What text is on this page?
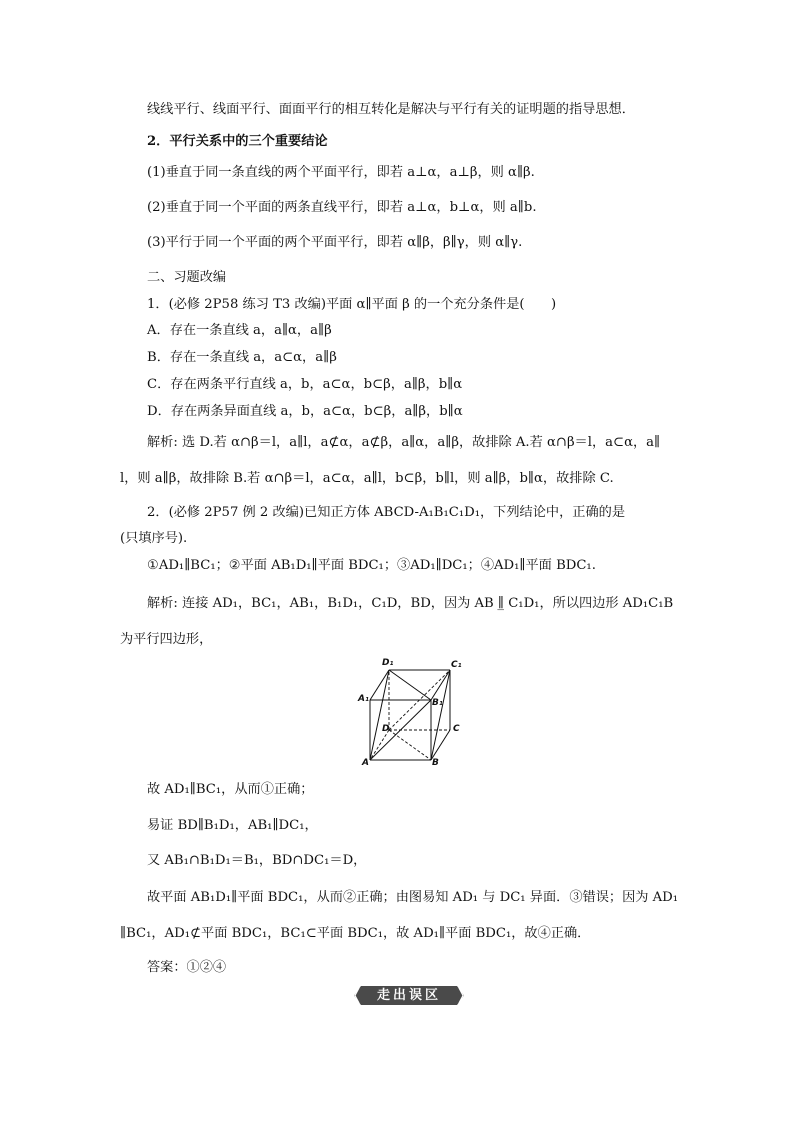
线线平行、线面平行、面面平行的相互转化是解决与平行有关的证明题的指导思想．
2．平行关系中的三个重要结论
(1)垂直于同一条直线的两个平面平行，即若 a⊥α，a⊥β，则 α∥β.
(2)垂直于同一个平面的两条直线平行，即若 a⊥α，b⊥α，则 a∥b.
(3)平行于同一个平面的两个平面平行，即若 α∥β，β∥γ，则 α∥γ.
二、习题改编
1．(必修 2P58 练习 T3 改编)平面 α∥平面 β 的一个充分条件是(　　)
A．存在一条直线 a，a∥α，a∥β
B．存在一条直线 a，a⊂α，a∥β
C．存在两条平行直线 a，b，a⊂α，b⊂β，a∥β，b∥α
D．存在两条异面直线 a，b，a⊂α，b⊂β，a∥β，b∥α
解析: 选 D.若 α∩β＝l，a∥l，a⊄α，a⊄β，a∥α，a∥β，故排除 A.若 α∩β＝l，a⊂α，a∥
l，则 a∥β，故排除 B.若 α∩β＝l，a⊂α，a∥l，b⊂β，b∥l，则 a∥β，b∥α，故排除 C.
2．(必修 2P57 例 2 改编)已知正方体 ABCD-A₁B₁C₁D₁，下列结论中，正确的是
(只填序号).
①AD₁∥BC₁；②平面 AB₁D₁∥平面 BDC₁；③AD₁∥DC₁；④AD₁∥平面 BDC₁.
解析: 连接 AD₁，BC₁，AB₁，B₁D₁，C₁D，BD，因为 AB ∥̲ C₁D₁，所以四边形 AD₁C₁B
为平行四边形，
D₁	C₁
A₁	B₁
D	C
A	B
故 AD₁∥BC₁，从而①正确；
易证 BD∥B₁D₁，AB₁∥DC₁，
又 AB₁∩B₁D₁＝B₁，BD∩DC₁＝D，
故平面 AB₁D₁∥平面 BDC₁，从而②正确；由图易知 AD₁ 与 DC₁ 异面．③错误；因为 AD₁
∥BC₁，AD₁⊄平面 BDC₁，BC₁⊂平面 BDC₁，故 AD₁∥平面 BDC₁，故④正确．
答案：①②④
走出误区
